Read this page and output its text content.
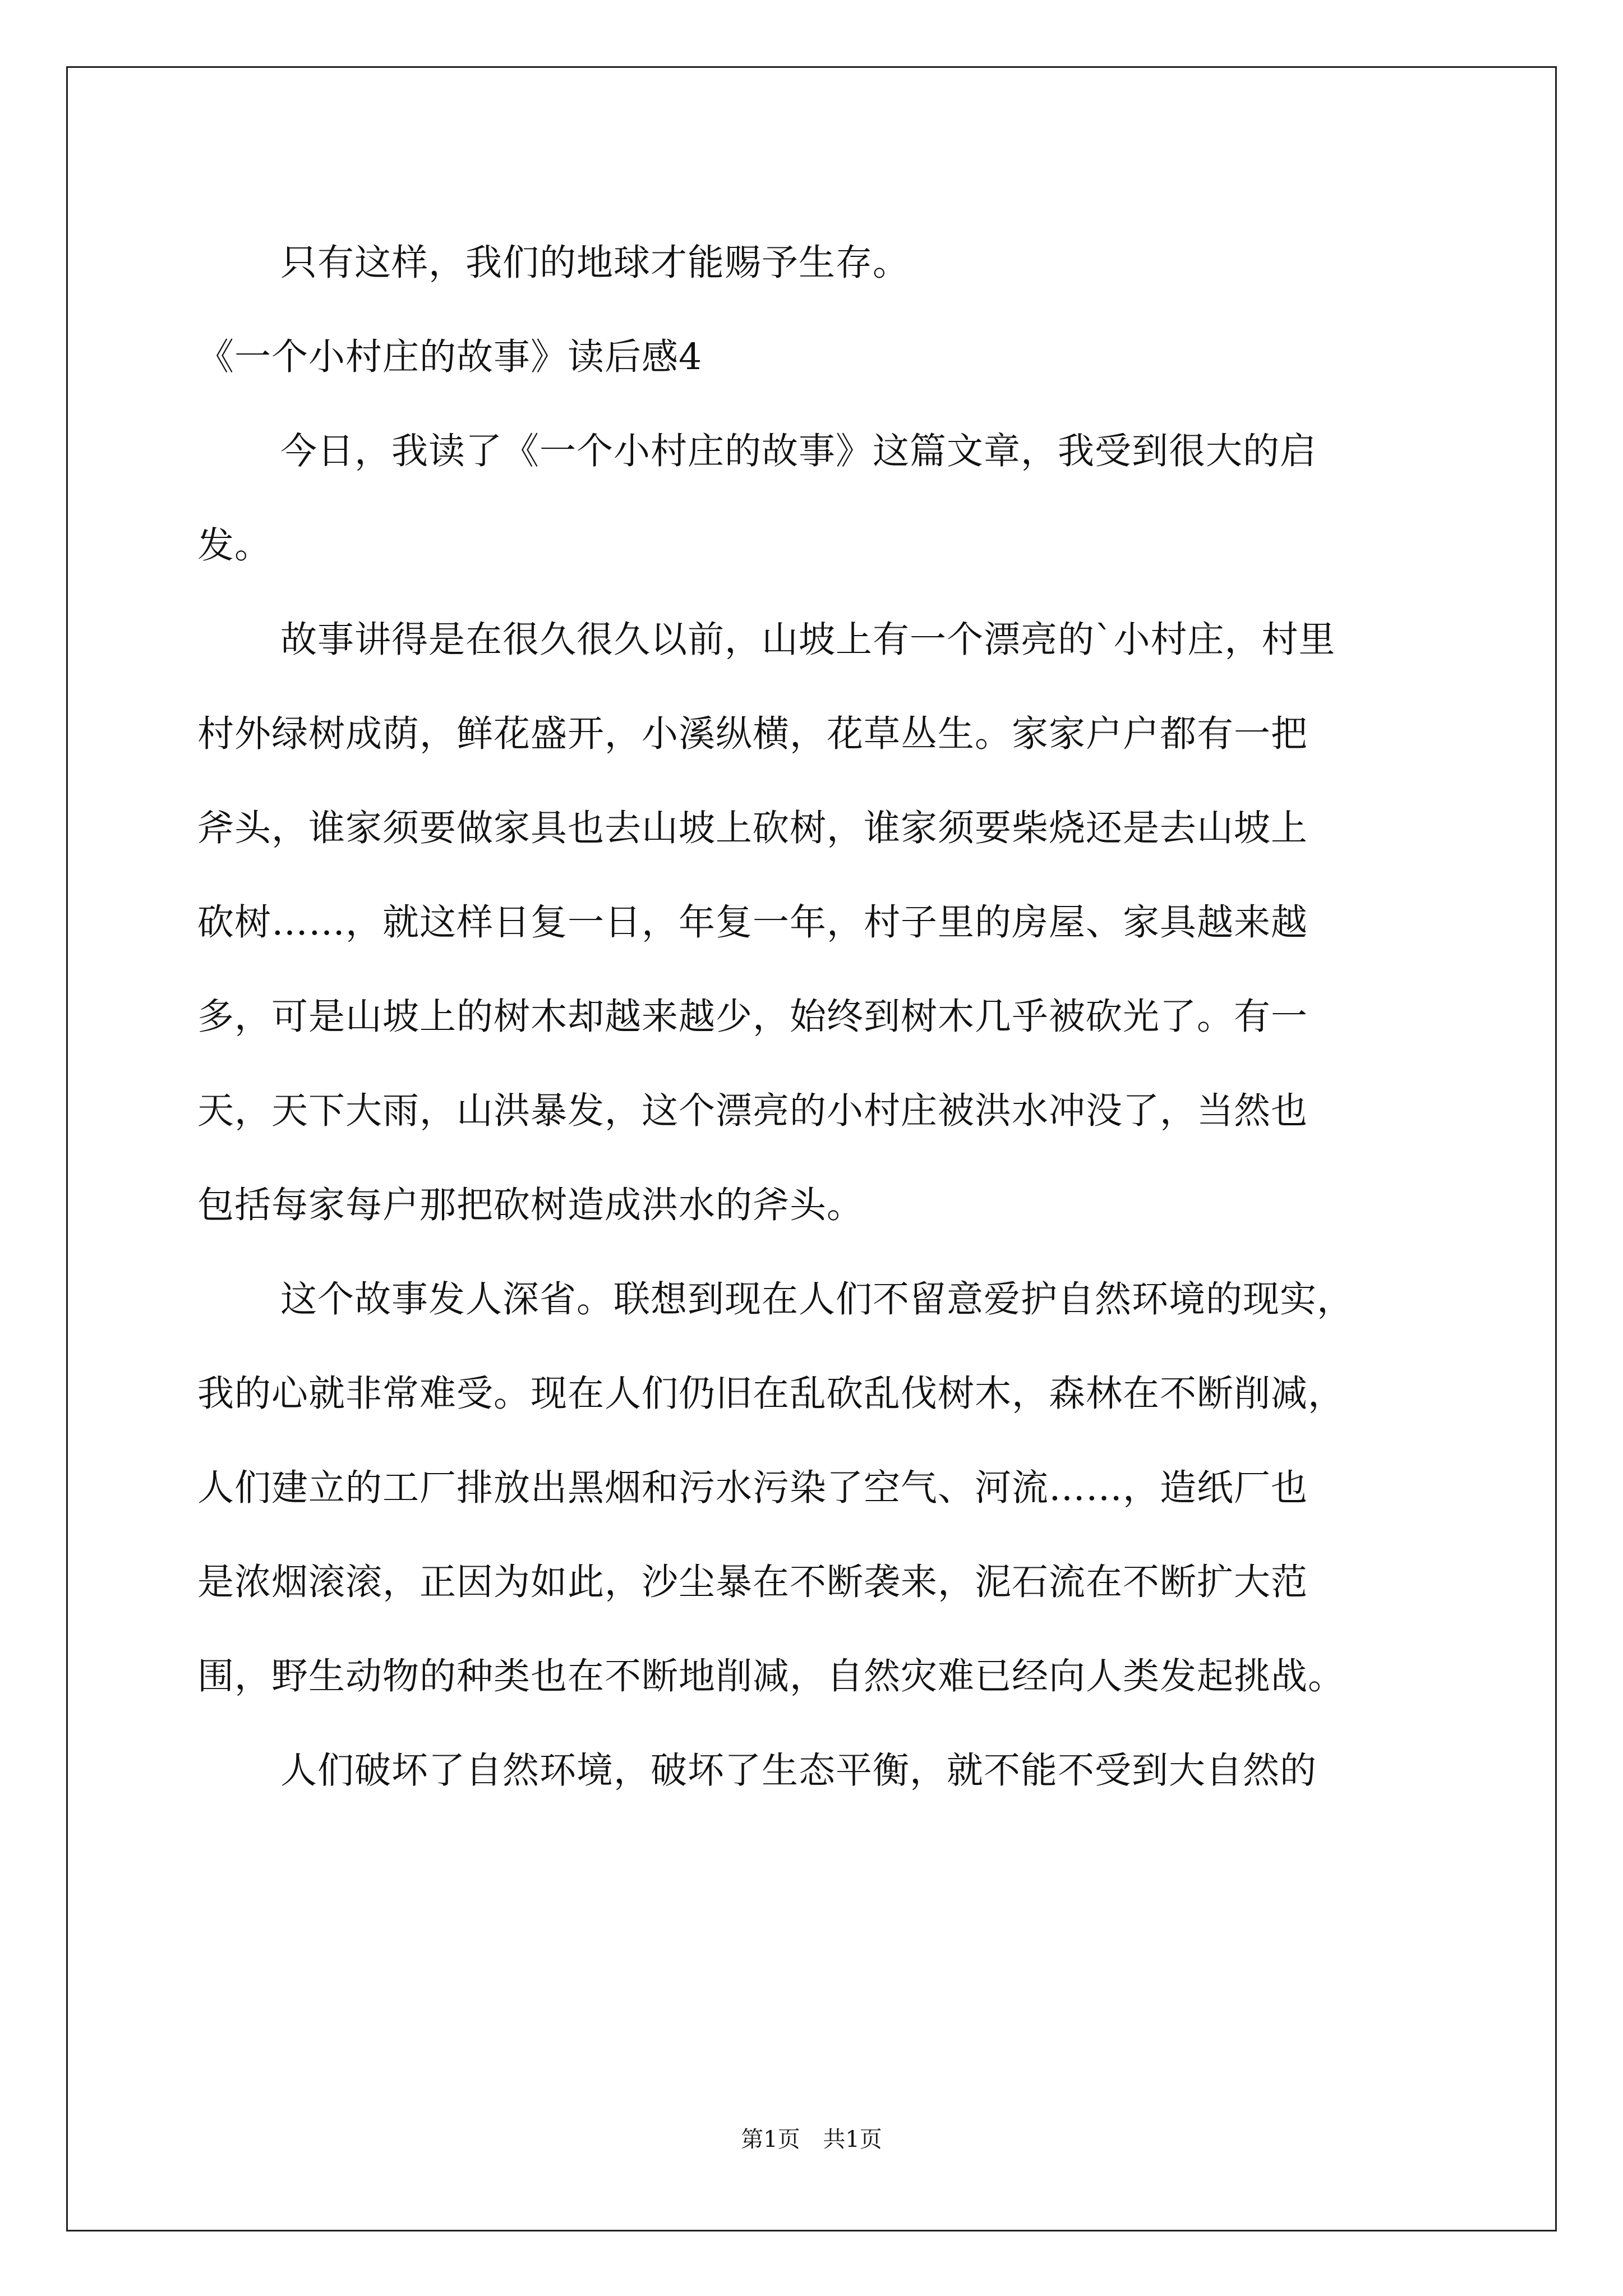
只有这样，我们的地球才能赐予生存。
《一个小村庄的故事》读后感4
今日，我读了《一个小村庄的故事》这篇文章，我受到很大的启
发。
故事讲得是在很久很久以前，山坡上有一个漂亮的`小村庄，村里
村外绿树成荫，鲜花盛开，小溪纵横，花草丛生。家家户户都有一把
斧头，谁家须要做家具也去山坡上砍树，谁家须要柴烧还是去山坡上
砍树……，就这样日复一日，年复一年，村子里的房屋、家具越来越
多，可是山坡上的树木却越来越少，始终到树木几乎被砍光了。有一
天，天下大雨，山洪暴发，这个漂亮的小村庄被洪水冲没了，当然也
包括每家每户那把砍树造成洪水的斧头。
这个故事发人深省。联想到现在人们不留意爱护自然环境的现实，
我的心就非常难受。现在人们仍旧在乱砍乱伐树木，森林在不断削减，
人们建立的工厂排放出黑烟和污水污染了空气、河流……，造纸厂也
是浓烟滚滚，正因为如此，沙尘暴在不断袭来，泥石流在不断扩大范
围，野生动物的种类也在不断地削减，自然灾难已经向人类发起挑战。
人们破坏了自然环境，破坏了生态平衡，就不能不受到大自然的
第1页 共1页
